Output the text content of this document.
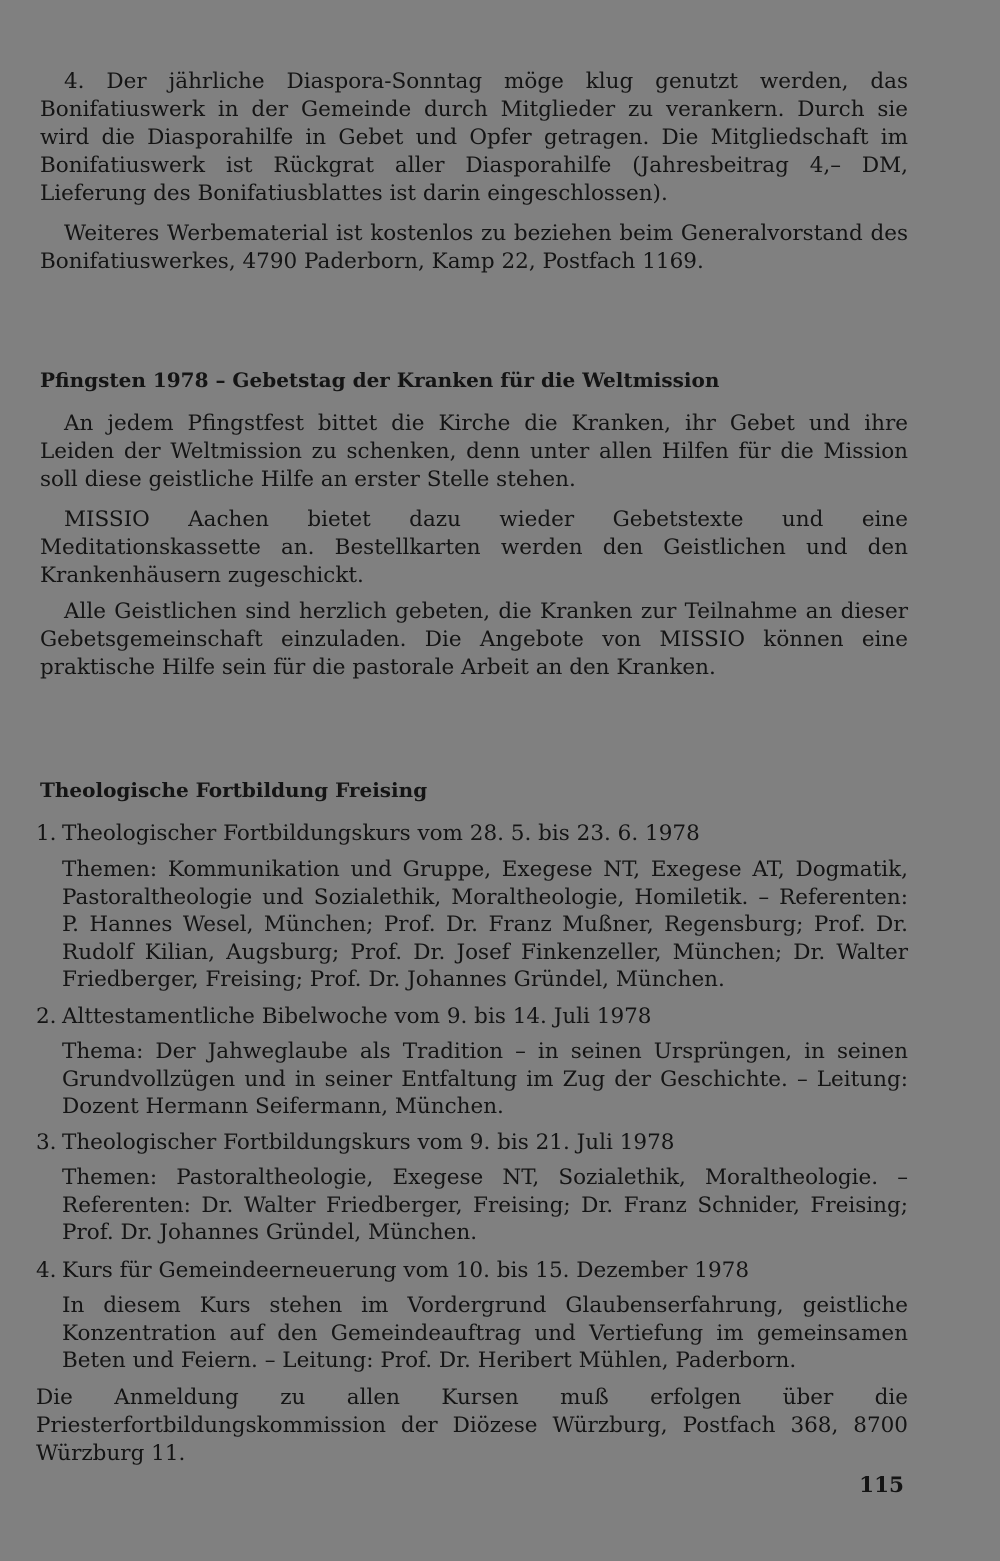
4. Der jährliche Diaspora-Sonntag möge klug genutzt werden, das Bonifatiuswerk in der Gemeinde durch Mitglieder zu verankern. Durch sie wird die Diasporahilfe in Gebet und Opfer getragen. Die Mitgliedschaft im Bonifatiuswerk ist Rückgrat aller Diasporahilfe (Jahresbeitrag 4,– DM, Lieferung des Bonifatiusblattes ist darin eingeschlossen).

Weiteres Werbematerial ist kostenlos zu beziehen beim Generalvorstand des Bonifatiuswerkes, 4790 Paderborn, Kamp 22, Postfach 1169.

Pfingsten 1978 – Gebetstag der Kranken für die Weltmission

An jedem Pfingstfest bittet die Kirche die Kranken, ihr Gebet und ihre Leiden der Weltmission zu schenken, denn unter allen Hilfen für die Mission soll diese geistliche Hilfe an erster Stelle stehen.

MISSIO Aachen bietet dazu wieder Gebetstexte und eine Meditationskassette an. Bestellkarten werden den Geistlichen und den Krankenhäusern zugeschickt.

Alle Geistlichen sind herzlich gebeten, die Kranken zur Teilnahme an dieser Gebetsgemeinschaft einzuladen. Die Angebote von MISSIO können eine praktische Hilfe sein für die pastorale Arbeit an den Kranken.

Theologische Fortbildung Freising

1. Theologischer Fortbildungskurs vom 28. 5. bis 23. 6. 1978

Themen: Kommunikation und Gruppe, Exegese NT, Exegese AT, Dogmatik, Pastoraltheologie und Sozialethik, Moraltheologie, Homiletik. – Referenten: P. Hannes Wesel, München; Prof. Dr. Franz Mußner, Regensburg; Prof. Dr. Rudolf Kilian, Augsburg; Prof. Dr. Josef Finkenzeller, München; Dr. Walter Friedberger, Freising; Prof. Dr. Johannes Gründel, München.

2. Alttestamentliche Bibelwoche vom 9. bis 14. Juli 1978

Thema: Der Jahweglaube als Tradition – in seinen Ursprüngen, in seinen Grundvollzügen und in seiner Entfaltung im Zug der Geschichte. – Leitung: Dozent Hermann Seifermann, München.

3. Theologischer Fortbildungskurs vom 9. bis 21. Juli 1978

Themen: Pastoraltheologie, Exegese NT, Sozialethik, Moraltheologie. – Referenten: Dr. Walter Friedberger, Freising; Dr. Franz Schnider, Freising; Prof. Dr. Johannes Gründel, München.

4. Kurs für Gemeindeerneuerung vom 10. bis 15. Dezember 1978

In diesem Kurs stehen im Vordergrund Glaubenserfahrung, geistliche Konzentration auf den Gemeindeauftrag und Vertiefung im gemeinsamen Beten und Feiern. – Leitung: Prof. Dr. Heribert Mühlen, Paderborn.

Die Anmeldung zu allen Kursen muß erfolgen über die Priesterfortbildungskommission der Diözese Würzburg, Postfach 368, 8700 Würzburg 11.

115
